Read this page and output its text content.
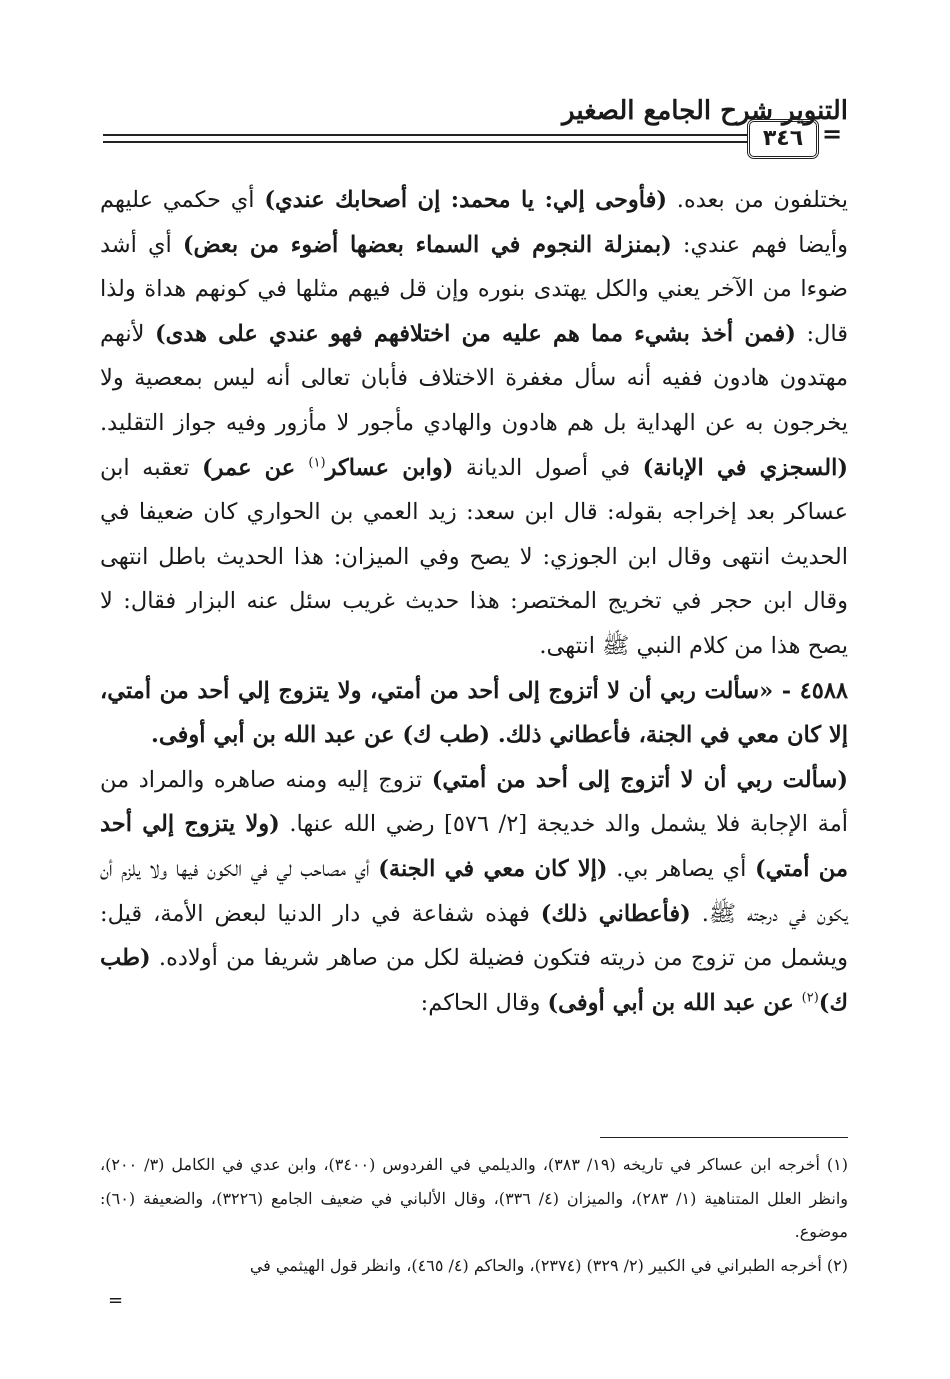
التنوير شرح الجامع الصغير
=
٣٤٦

يختلفون من بعده. (فأوحى إلي: يا محمد: إن أصحابك عندي) أي حكمي عليهم وأيضا فهم عندي: (بمنزلة النجوم في السماء بعضها أضوء من بعض) أي أشد ضوءا من الآخر يعني والكل يهتدى بنوره وإن قل فيهم مثلها في كونهم هداة ولذا قال: (فمن أخذ بشيء مما هم عليه من اختلافهم فهو عندي على هدى) لأنهم مهتدون هادون ففيه أنه سأل مغفرة الاختلاف فأبان تعالى أنه ليس بمعصية ولا يخرجون به عن الهداية بل هم هادون والهادي مأجور لا مأزور وفيه جواز التقليد. (السجزي في الإبانة) في أصول الديانة (وابن عساكر$^{(١)}$ عن عمر) تعقبه ابن عساكر بعد إخراجه بقوله: قال ابن سعد: زيد العمي بن الحواري كان ضعيفا في الحديث انتهى وقال ابن الجوزي: لا يصح وفي الميزان: هذا الحديث باطل انتهى وقال ابن حجر في تخريج المختصر: هذا حديث غريب سئل عنه البزار فقال: لا يصح هذا من كلام النبي ﷺ انتهى.

٤٥٨٨ - «سألت ربي أن لا أتزوج إلى أحد من أمتي، ولا يتزوج إلي أحد من أمتي، إلا كان معي في الجنة، فأعطاني ذلك. (طب ك) عن عبد الله بن أبي أوفى.

(سألت ربي أن لا أتزوج إلى أحد من أمتي) تزوج إليه ومنه صاهره والمراد من أمة الإجابة فلا يشمل والد خديجة [٢/ ٥٧٦] رضي الله عنها. (ولا يتزوج إلي أحد من أمتي) أي يصاهر بي. (إلا كان معي في الجنة) أي مصاحب لي في الكون فيها ولا يلزم أن يكون في درجته ﷺ. (فأعطاني ذلك) فهذه شفاعة في دار الدنيا لبعض الأمة، قيل: ويشمل من تزوج من ذريته فتكون فضيلة لكل من صاهر شريفا من أولاده. (طب ك)$^{(٢)}$ عن عبد الله بن أبي أوفى) وقال الحاكم:

(١) أخرجه ابن عساكر في تاريخه (١٩/ ٣٨٣)، والديلمي في الفردوس (٣٤٠٠)، وابن عدي في الكامل (٣/ ٢٠٠)، وانظر العلل المتناهية (١/ ٢٨٣)، والميزان (٤/ ٣٣٦)، وقال الألباني في ضعيف الجامع (٣٢٢٦)، والضعيفة (٦٠): موضوع.

(٢) أخرجه الطبراني في الكبير (٢/ ٣٢٩) (٢٣٧٤)، والحاكم (٤/ ٤٦٥)، وانظر قول الهيثمي في

=
